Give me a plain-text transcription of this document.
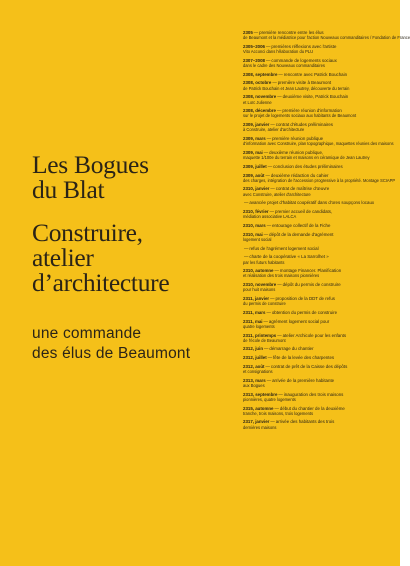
Les Bogues
du Blat
Construire,
atelier
d’architecture
une commande
des élus de Beaumont
2305—première rencontre entre les élus
de Beaumont et la médiatrice pour l'action Nouveaux commanditaires / Fondation de France
2305–2006—premières réflexions avec l'artiste
Vito Acconci dans l'élaboration du PLU
2307–2008—commande de logements sociaux
dans le cadre des Nouveaux commanditaires
2308, septembre—rencontre avec Patrick Bouchain
2308, octobre—première visite à Beaumont
de Patrick Bouchain et Jean Lautrey, découverte du terrain
2308, novembre—deuxième visite, Patrick Bouchain
et Loïc Julienne
2308, décembre—première réunion d'information
sur le projet de logements sociaux aux habitants de Beaumont
2309, janvier—contrat d'études préliminaires
à Construire, atelier d'architecture
2309, mars—première réunion publique
d'information avec Construire, plan topographique, maquettes réunies des maisons
2309, mai—deuxième réunion publique,
maquette 1/100e du terrain et maisons en céramique de Jean Lautrey
2309, juillet—conclusion des études préliminaires
2309, août—deuxième rédaction du cahier
des charges, intégration de l'accession progressive à la propriété. Montage SCIAPP
2310, janvier—contrat de maîtrise d'œuvre
avec Construire, atelier d'architecture
—avancée projet d'habitat coopératif dans d'ores soupçons locaux
2310, février—premier accueil de candidats,
médiation associative LALCA
2310, mars—entourage collectif de la Fiche
2310, mai—dépôt de la demande d'agrément
logement social
—refus de l'agrément logement social
—charte de la coopérative « La Sarrolhet »
par les futurs habitants
2310, automne—montage Financer. Planification
et réalisation des trois maisons pionnières
2310, novembre—dépôt du permis de construire
pour huit maisons
2311, janvier—proposition de la DDT de refus
du permis de construire
2311, mars—obtention du permis de construire
2311, mai—agrément logement social pour
quatre logements
2311, printemps—atelier Archicole pour les enfants
de l'école de Beaumont
2312, juin—démarrage du chantier
2312, juillet—fête de la levée des charpentes
2312, août—contrat de prêt de la Caisse des dépôts
et consignations
2313, mars—arrivée de la première habitante
aux Bogues
2313, septembre—inauguration des trois maisons
pionnières, quatre logements
2315, automne—début du chantier de la deuxième
tranche, trois maisons, trois logements
2317, janvier—arrivée des habitants des trois
dernières maisons
